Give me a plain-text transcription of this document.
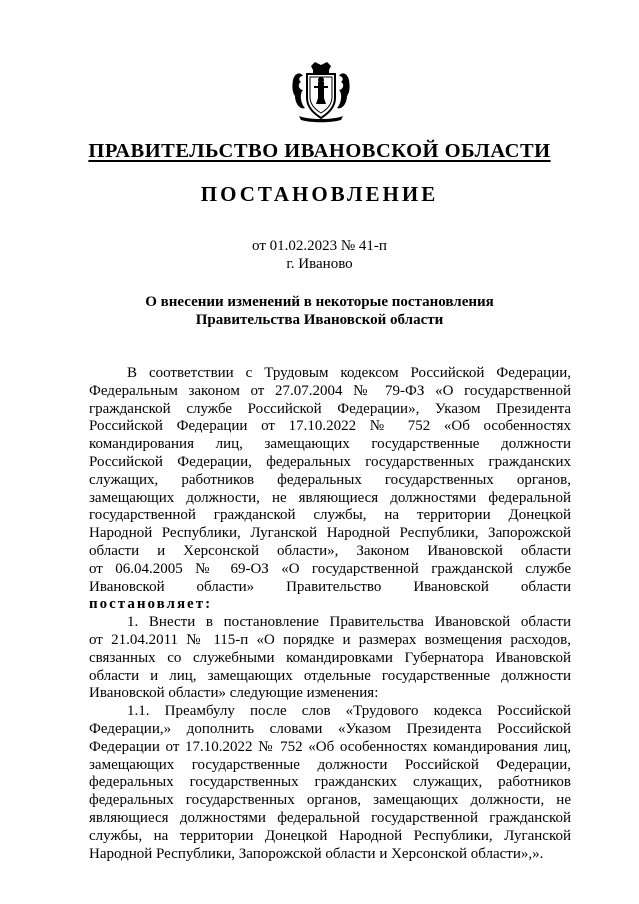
ПРАВИТЕЛЬСТВО ИВАНОВСКОЙ ОБЛАСТИ
ПОСТАНОВЛЕНИЕ
от 01.02.2023 № 41-п
г. Иваново
О внесении изменений в некоторые постановления
Правительства Ивановской области
В соответствии с Трудовым кодексом Российской Федерации,
Федеральным законом от 27.07.2004 № 79-ФЗ «О государственной
гражданской службе Российской Федерации», Указом Президента
Российской Федерации от 17.10.2022 № 752 «Об особенностях
командирования лиц, замещающих государственные должности
Российской Федерации, федеральных государственных гражданских
служащих, работников федеральных государственных органов,
замещающих должности, не являющиеся должностями федеральной
государственной гражданской службы, на территории Донецкой
Народной Республики, Луганской Народной Республики, Запорожской
области и Херсонской области», Законом Ивановской области
от 06.04.2005 № 69-ОЗ «О государственной гражданской службе
Ивановской области» Правительство Ивановской области
постановляет:
1. Внести в постановление Правительства Ивановской области
от 21.04.2011 № 115-п «О порядке и размерах возмещения расходов,
связанных со служебными командировками Губернатора Ивановской
области и лиц, замещающих отдельные государственные должности
Ивановской области» следующие изменения:
1.1. Преамбулу после слов «Трудового кодекса Российской
Федерации,» дополнить словами «Указом Президента Российской
Федерации от 17.10.2022 № 752 «Об особенностях командирования лиц,
замещающих государственные должности Российской Федерации,
федеральных государственных гражданских служащих, работников
федеральных государственных органов, замещающих должности, не
являющиеся должностями федеральной государственной гражданской
службы, на территории Донецкой Народной Республики, Луганской
Народной Республики, Запорожской области и Херсонской области»,».
